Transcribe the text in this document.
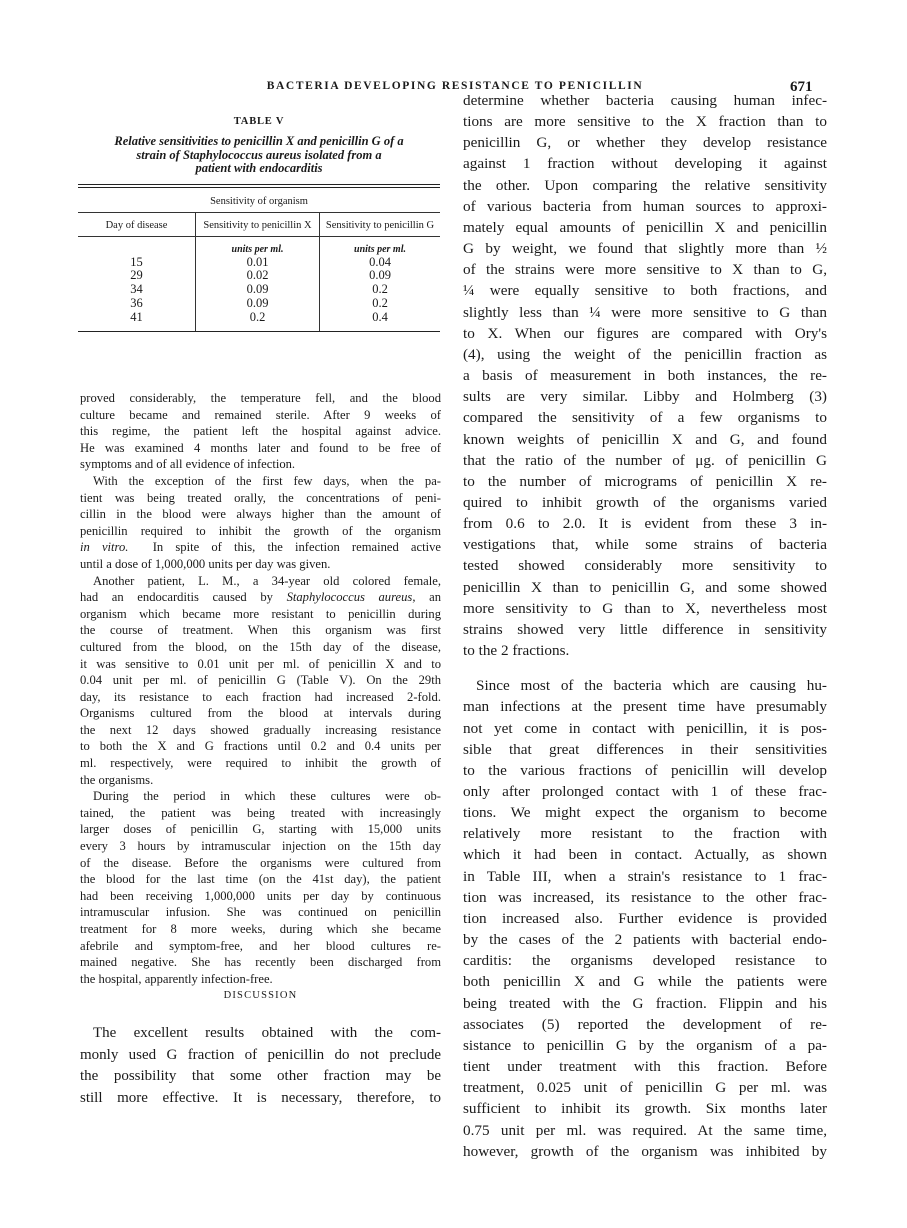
BACTERIA DEVELOPING RESISTANCE TO PENICILLIN	671
TABLE V
Relative sensitivities to penicillin X and penicillin G of a
strain of Staphylococcus aureus isolated from a
patient with endocarditis
Sensitivity of organism
Day of disease	Sensitivity to penicillin X	Sensitivity to penicillin G
	units per ml.	units per ml.
15	0.01	0.04
29	0.02	0.09
34	0.09	0.2
36	0.09	0.2
41	0.2	0.4
proved considerably, the temperature fell, and the blood
culture became and remained sterile. After 9 weeks of
this regime, the patient left the hospital against advice.
He was examined 4 months later and found to be free of
symptoms and of all evidence of infection.
With the exception of the first few days, when the pa-
tient was being treated orally, the concentrations of peni-
cillin in the blood were always higher than the amount of
penicillin required to inhibit the growth of the organism
in vitro.  In spite of this, the infection remained active
until a dose of 1,000,000 units per day was given.
Another patient, L. M., a 34-year old colored female,
had an endocarditis caused by Staphylococcus aureus, an
organism which became more resistant to penicillin during
the course of treatment. When this organism was first
cultured from the blood, on the 15th day of the disease,
it was sensitive to 0.01 unit per ml. of penicillin X and to
0.04 unit per ml. of penicillin G (Table V). On the 29th
day, its resistance to each fraction had increased 2-fold.
Organisms cultured from the blood at intervals during
the next 12 days showed gradually increasing resistance
to both the X and G fractions until 0.2 and 0.4 units per
ml. respectively, were required to inhibit the growth of
the organisms.
During the period in which these cultures were ob-
tained, the patient was being treated with increasingly
larger doses of penicillin G, starting with 15,000 units
every 3 hours by intramuscular injection on the 15th day
of the disease. Before the organisms were cultured from
the blood for the last time (on the 41st day), the patient
had been receiving 1,000,000 units per day by continuous
intramuscular infusion. She was continued on penicillin
treatment for 8 more weeks, during which she became
afebrile and symptom-free, and her blood cultures re-
mained negative. She has recently been discharged from
the hospital, apparently infection-free.
DISCUSSION
The excellent results obtained with the com-
monly used G fraction of penicillin do not preclude
the possibility that some other fraction may be
still more effective. It is necessary, therefore, to
determine whether bacteria causing human infec-
tions are more sensitive to the X fraction than to
penicillin G, or whether they develop resistance
against 1 fraction without developing it against
the other. Upon comparing the relative sensitivity
of various bacteria from human sources to approxi-
mately equal amounts of penicillin X and penicillin
G by weight, we found that slightly more than ½
of the strains were more sensitive to X than to G,
¼ were equally sensitive to both fractions, and
slightly less than ¼ were more sensitive to G than
to X. When our figures are compared with Ory's
(4), using the weight of the penicillin fraction as
a basis of measurement in both instances, the re-
sults are very similar. Libby and Holmberg (3)
compared the sensitivity of a few organisms to
known weights of penicillin X and G, and found
that the ratio of the number of μg. of penicillin G
to the number of micrograms of penicillin X re-
quired to inhibit growth of the organisms varied
from 0.6 to 2.0. It is evident from these 3 in-
vestigations that, while some strains of bacteria
tested showed considerably more sensitivity to
penicillin X than to penicillin G, and some showed
more sensitivity to G than to X, nevertheless most
strains showed very little difference in sensitivity
to the 2 fractions.
Since most of the bacteria which are causing hu-
man infections at the present time have presumably
not yet come in contact with penicillin, it is pos-
sible that great differences in their sensitivities
to the various fractions of penicillin will develop
only after prolonged contact with 1 of these frac-
tions. We might expect the organism to become
relatively more resistant to the fraction with
which it had been in contact. Actually, as shown
in Table III, when a strain's resistance to 1 frac-
tion was increased, its resistance to the other frac-
tion increased also. Further evidence is provided
by the cases of the 2 patients with bacterial endo-
carditis: the organisms developed resistance to
both penicillin X and G while the patients were
being treated with the G fraction. Flippin and his
associates (5) reported the development of re-
sistance to penicillin G by the organism of a pa-
tient under treatment with this fraction. Before
treatment, 0.025 unit of penicillin G per ml. was
sufficient to inhibit its growth. Six months later
0.75 unit per ml. was required. At the same time,
however, growth of the organism was inhibited by
